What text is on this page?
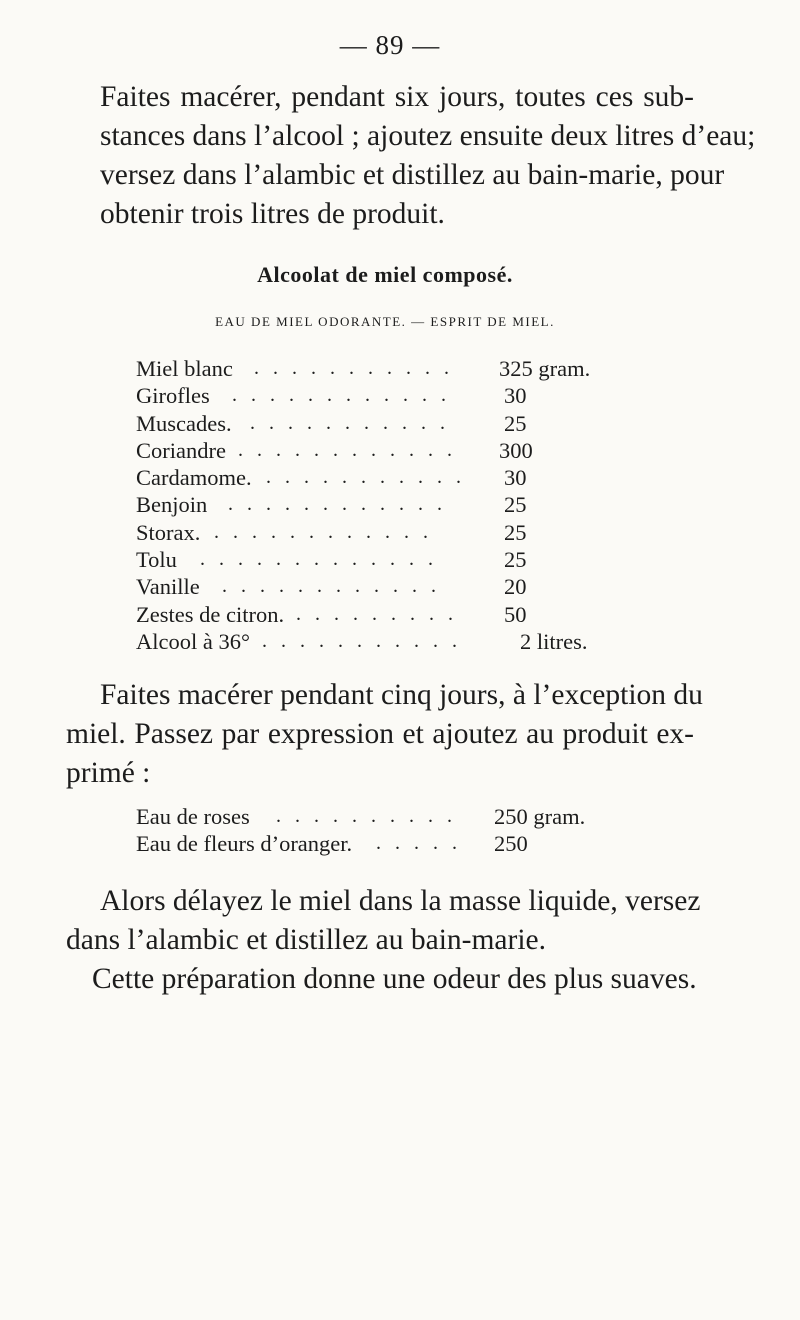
— 89 —
Faites macérer, pendant six jours, toutes ces sub-
stances dans l’alcool ; ajoutez ensuite deux litres d’eau;
versez dans l’alambic et distillez au bain-marie, pour
obtenir trois litres de produit.
Alcoolat de miel composé.
EAU DE MIEL ODORANTE. — ESPRIT DE MIEL.
Miel blanc . . . . . . . . . . . 325 gram.
Girofles . . . . . . . . . . . . 30
Muscades. . . . . . . . . . . . 25
Coriandre . . . . . . . . . . . . 300
Cardamome. . . . . . . . . . . . 30
Benjoin . . . . . . . . . . . .	25
Storax. . . . . . . . . . . . .	25
Tolu . . . . . . . . . . . . .	25
Vanille . . . . . . . . . . . .	20
Zestes de citron. . . . . . . . . . 50
Alcool à 36° . . . . . . . . . . .	2 litres.
Faites macérer pendant cinq jours, à l’exception du
miel. Passez par expression et ajoutez au produit ex-
primé :
Eau de roses . . . . . . . . . . 250 gram.
Eau de fleurs d’oranger. . . . . . 250
Alors délayez le miel dans la masse liquide, versez
dans l’alambic et distillez au bain-marie.
Cette préparation donne une odeur des plus suaves.
